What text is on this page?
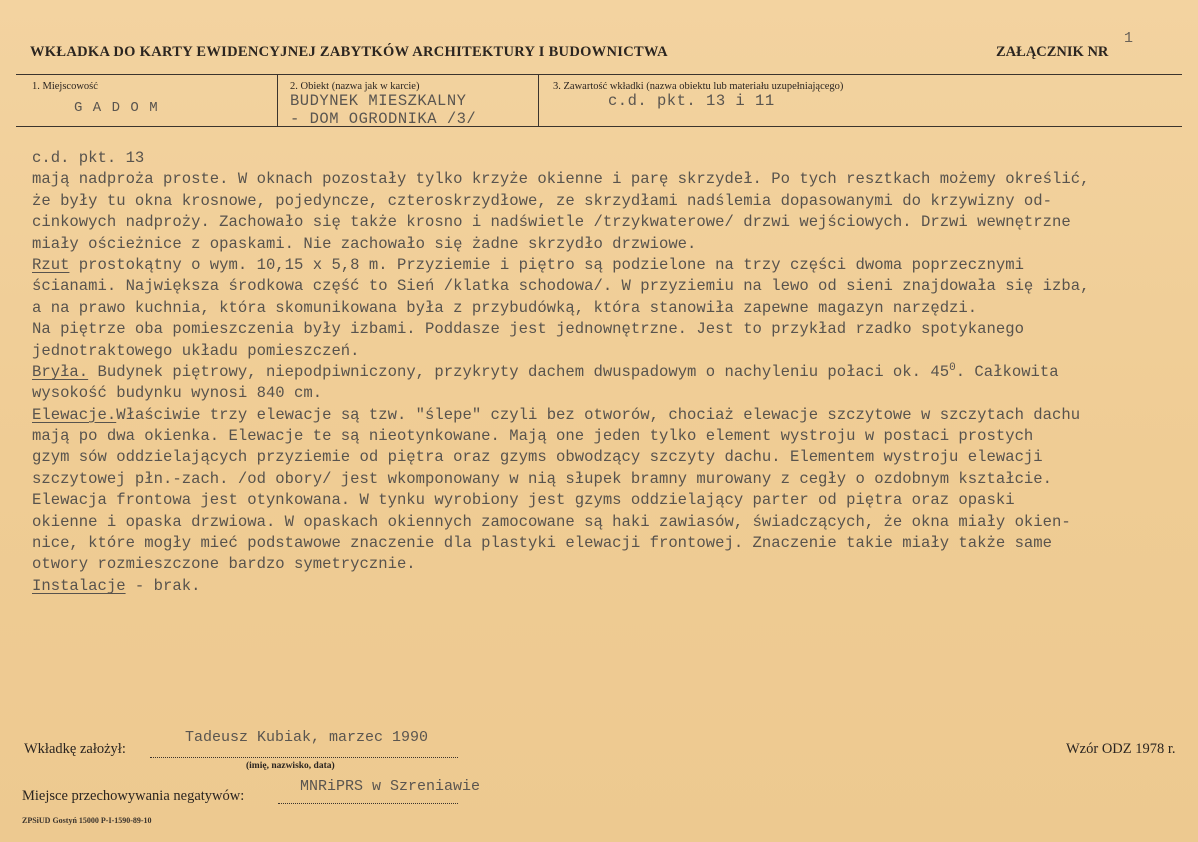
WKŁADKA DO KARTY EWIDENCYJNEJ ZABYTKÓW ARCHITEKTURY I BUDOWNICTWA	ZAŁĄCZNIK NR
1
1. Miejscowość
G A D O M
2. Obiekt (nazwa jak w karcie)
BUDYNEK MIESZKALNY
- DOM OGRODNIKA /3/
3. Zawartość wkładki (nazwa obiektu lub materiału uzupełniającego)
c.d. pkt. 13 i 11
c.d. pkt. 13
mają nadproża proste. W oknach pozostały tylko krzyże okienne i parę skrzydeł. Po tych resztkach możemy określić,
że były tu okna krosnowe, pojedyncze, czteroskrzydłowe, ze skrzydłami nadślemia dopasowanymi do krzywizny od-
cinkowych nadproży. Zachowało się także krosno i nadświetle /trzykwaterowe/ drzwi wejściowych. Drzwi wewnętrzne
miały ościeżnice z opaskami. Nie zachowało się żadne skrzydło drzwiowe.
Rzut prostokątny o wym. 10,15 x 5,8 m. Przyziemie i piętro są podzielone na trzy części dwoma poprzecznymi
ścianami. Największa środkowa część to Sień /klatka schodowa/. W przyziemiu na lewo od sieni znajdowała się izba,
a na prawo kuchnia, która skomunikowana była z przybudówką, która stanowiła zapewne magazyn narzędzi.
Na piętrze oba pomieszczenia były izbami. Poddasze jest jednownętrzne. Jest to przykład rzadko spotykanego
jednotraktowego układu pomieszczeń.
Bryła. Budynek piętrowy, niepodpiwniczony, przykryty dachem dwuspadowym o nachyleniu połaci ok. $45^0$. Całkowita
wysokość budynku wynosi 840 cm.
Elewacje.Właściwie trzy elewacje są tzw. "ślepe" czyli bez otworów, chociaż elewacje szczytowe w szczytach dachu
mają po dwa okienka. Elewacje te są nieotynkowane. Mają one jeden tylko element wystroju w postaci prostych
gzym sów oddzielających przyziemie od piętra oraz gzyms obwodzący szczyty dachu. Elementem wystroju elewacji
szczytowej płn.-zach. /od obory/ jest wkomponowany w nią słupek bramny murowany z cegły o ozdobnym kształcie.
Elewacja frontowa jest otynkowana. W tynku wyrobiony jest gzyms oddzielający parter od piętra oraz opaski
okienne i opaska drzwiowa. W opaskach okiennych zamocowane są haki zawiasów, świadczących, że okna miały okien-
nice, które mogły mieć podstawowe znaczenie dla plastyki elewacji frontowej. Znaczenie takie miały także same
otwory rozmieszczone bardzo symetrycznie.
Instalacje - brak.
Wkładkę założył:
Tadeusz Kubiak, marzec 1990
(imię, nazwisko, data)
Wzór ODZ 1978 r.
Miejsce przechowywania negatywów:
MNRiPRS w Szreniawie
ZPSiUD Gostyń 15000 P-I-1590-89-10
